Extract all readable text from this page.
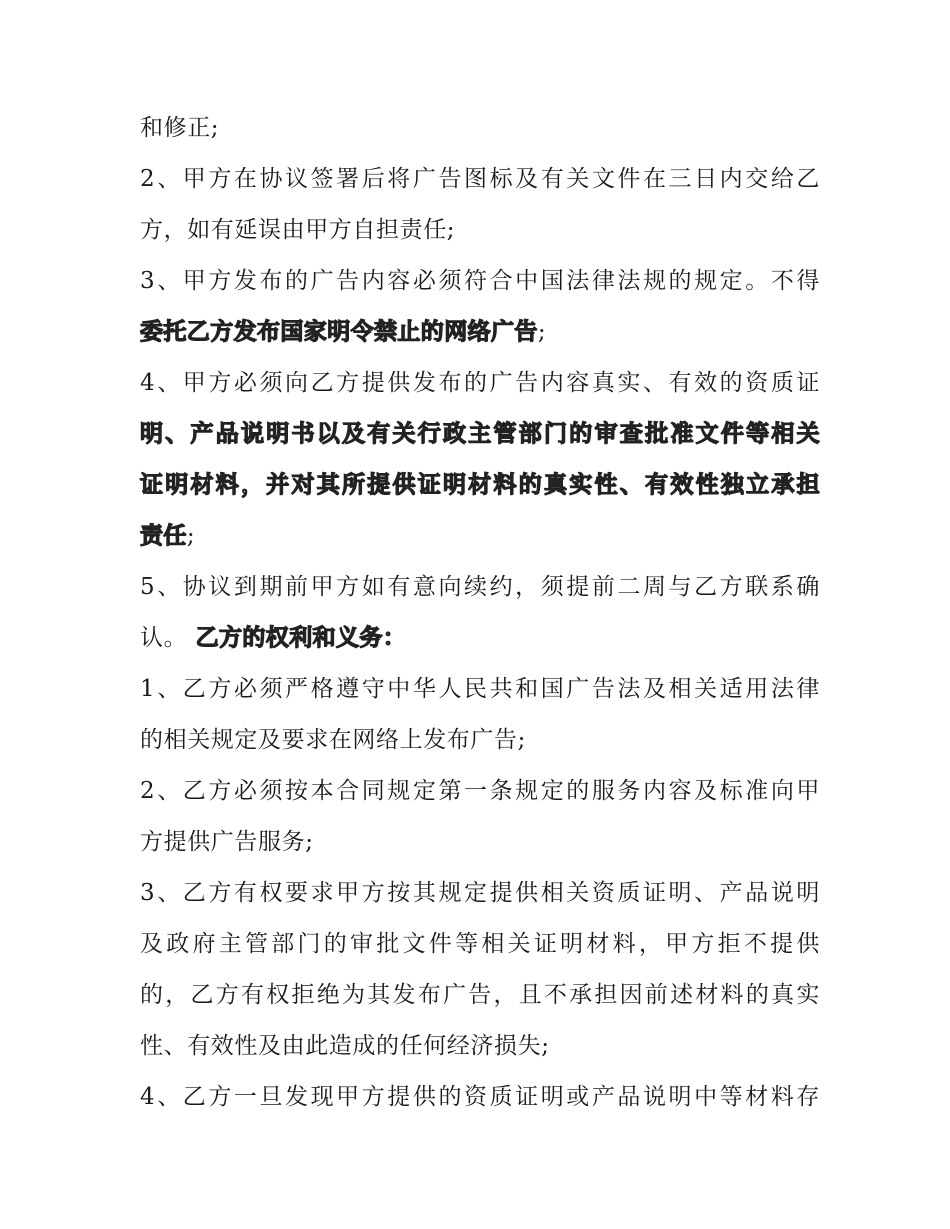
和修正;
2、甲方在协议签署后将广告图标及有关文件在三日内交给乙
方，如有延误由甲方自担责任;
3、甲方发布的广告内容必须符合中国法律法规的规定。不得
委托乙方发布国家明令禁止的网络广告;
4、甲方必须向乙方提供发布的广告内容真实、有效的资质证
明、产品说明书以及有关行政主管部门的审查批准文件等相关
证明材料，并对其所提供证明材料的真实性、有效性独立承担
责任;
5、协议到期前甲方如有意向续约，须提前二周与乙方联系确
认。 乙方的权利和义务：
1、乙方必须严格遵守中华人民共和国广告法及相关适用法律
的相关规定及要求在网络上发布广告;
2、乙方必须按本合同规定第一条规定的服务内容及标准向甲
方提供广告服务;
3、乙方有权要求甲方按其规定提供相关资质证明、产品说明
及政府主管部门的审批文件等相关证明材料，甲方拒不提供
的，乙方有权拒绝为其发布广告，且不承担因前述材料的真实
性、有效性及由此造成的任何经济损失;
4、乙方一旦发现甲方提供的资质证明或产品说明中等材料存
